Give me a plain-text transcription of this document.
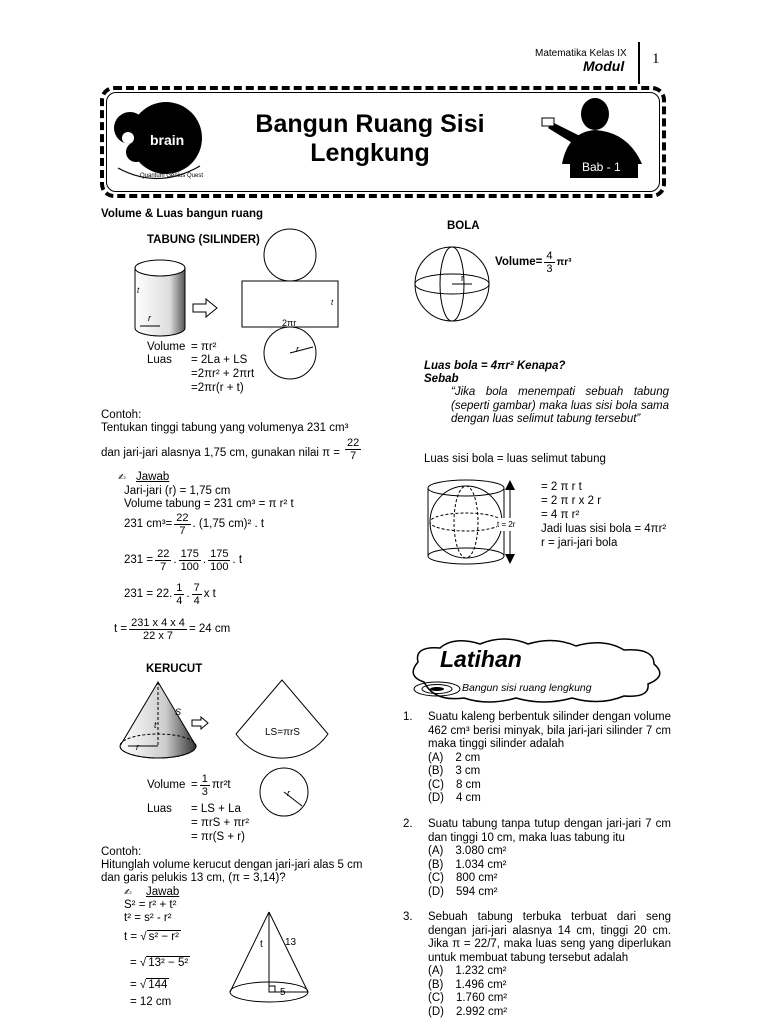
Matematika Kelas IX
Modul 1
brain
Quantum Genius Quest
Bangun Ruang Sisi
Lengkung	Bab - 1
Volume & Luas bangun ruang
TABUNG (SILINDER)
t
r
t
2πr
r
Volume = πr²
Luas = 2La + LS
=2πr² + 2πrt
=2πr(r + t)
Contoh:
Tentukan tinggi tabung yang volumenya 231 cm³
dan jari-jari alasnya 1,75 cm, gunakan nilai $\pi = \frac{22}{7}$
✍ Jawab
Jari-jari (r) = 1,75 cm
Volume tabung = 231 cm³ = π r² t
231 $cm^3= \frac{22}{7}$ . (1,75 cm)² . t
$231 = \frac{22}{7}$ . $\frac{175}{100}$ . $\frac{175}{100}$ . t
231 = 22. $\frac{1}{4}$ . $\frac{7}{4}$ x t
$t = \frac{231 x 4 x 4}{22 x 7} = 24$ cm
KERUCUT
S
t
r
LS=πrS
r
Volume = $\frac{1}{3} \pi r^2t$
Luas = LS + La
= πrS + πr²
= πr(S + r)
Contoh:
Hitunglah volume kerucut dengan jari-jari alas 5 cm
dan garis pelukis 13 cm, (π = 3,14)?
✍ Jawab
S² = r² + t²
t² = s² - r²
t = √ s² − r²
= √ 13² − 5²
= √ 144
= 12 cm
t 13
5
BOLA
r
Volume= $\frac{4}{3} \pi r^3$
Luas bola = 4πr² Kenapa?
Sebab
“Jika bola menempati sebuah tabung (seperti gambar) maka luas sisi bola sama dengan luas selimut tabung tersebut”
Luas sisi bola = luas selimut tabung
t = 2r
= 2 π r t
= 2 π r x 2 r
= 4 π r²
Jadi luas sisi bola = 4πr²
r = jari-jari bola
Latihan
Bangun sisi ruang lengkung
1. Suatu kaleng berbentuk silinder dengan volume 462 cm³ berisi minyak, bila jari-jari silinder 7 cm maka tinggi silinder adalah
(A) 2 cm
(B) 3 cm
(C) 8 cm
(D) 4 cm
2. Suatu tabung tanpa tutup dengan jari-jari 7 cm dan tinggi 10 cm, maka luas tabung itu
(A) 3.080 cm²
(B) 1.034 cm²
(C) 800 cm²
(D) 594 cm²
3. Sebuah tabung terbuka terbuat dari seng dengan jari-jari alasnya 14 cm, tinggi 20 cm. Jika π = 22/7, maka luas seng yang diperlukan untuk membuat tabung tersebut adalah
(A) 1.232 cm²
(B) 1.496 cm²
(C) 1.760 cm²
(D) 2.992 cm²
